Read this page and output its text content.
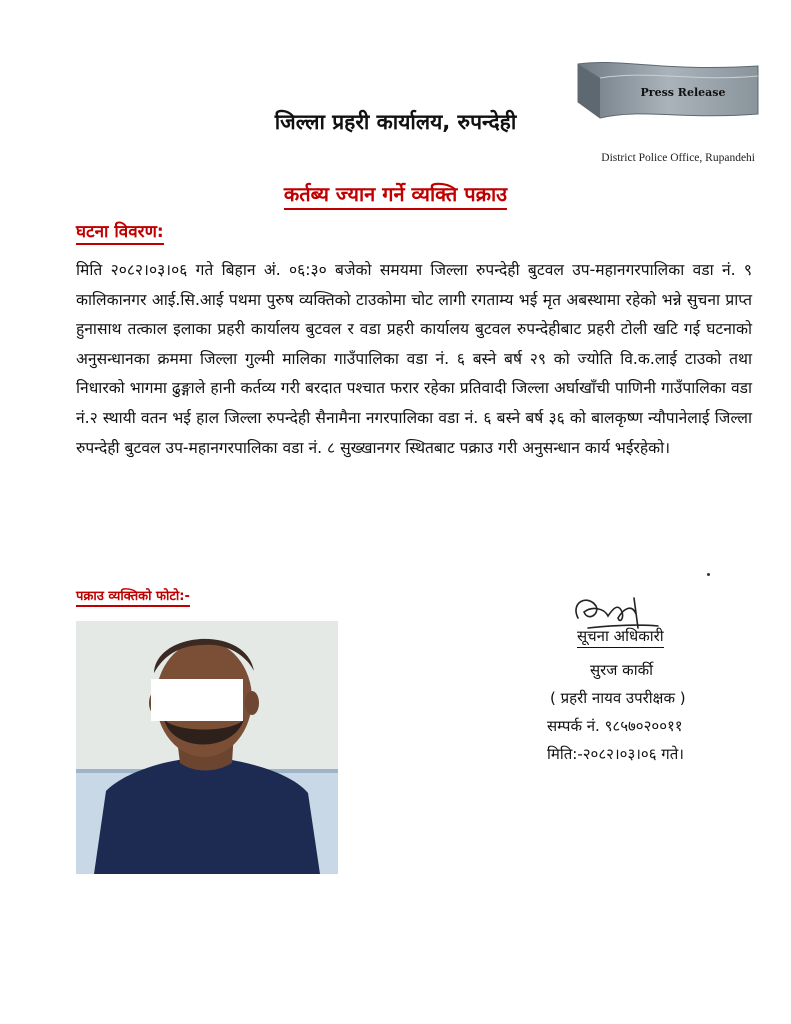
Press Release
जिल्ला प्रहरी कार्यालय, रुपन्देही
District Police Office, Rupandehi
कर्तब्य ज्यान गर्ने व्यक्ति पक्राउ
घटना विवरण:
मिति २०८२।०३।०६ गते बिहान अं. ०६:३० बजेको समयमा जिल्ला रुपन्देही बुटवल उप-महानगरपालिका वडा नं. ९ कालिकानगर आई.सि.आई पथमा पुरुष व्यक्तिको टाउकोमा चोट लागी रगताम्य भई मृत अबस्थामा रहेको भन्ने सुचना प्राप्त हुनासाथ तत्काल इलाका प्रहरी कार्यालय बुटवल र वडा प्रहरी कार्यालय बुटवल रुपन्देहीबाट प्रहरी टोली खटि गई घटनाको अनुसन्धानका क्रममा जिल्ला गुल्मी मालिका गाउँपालिका वडा नं. ६ बस्ने बर्ष २९ को ज्योति वि.क.लाई टाउको तथा निधारको भागमा ढुङ्गाले हानी कर्तव्य गरी बरदात पश्चात फरार रहेका प्रतिवादी जिल्ला अर्घाखाँची पाणिनी गाउँपालिका वडा नं.२ स्थायी वतन भई हाल जिल्ला रुपन्देही सैनामैना नगरपालिका वडा नं. ६ बस्ने बर्ष ३६ को बालकृष्ण न्यौपानेलाई जिल्ला रुपन्देही बुटवल उप-महानगरपालिका वडा नं. ८ सुख्खानगर स्थितबाट पक्राउ गरी अनुसन्धान कार्य भईरहेको।
पक्राउ व्यक्तिको फोटो:-
सूचना अधिकारी
सुरज कार्की
( प्रहरी नायव उपरीक्षक )
सम्पर्क नं. ९८५७०२००११
मिति:-२०८२।०३।०६ गते।
